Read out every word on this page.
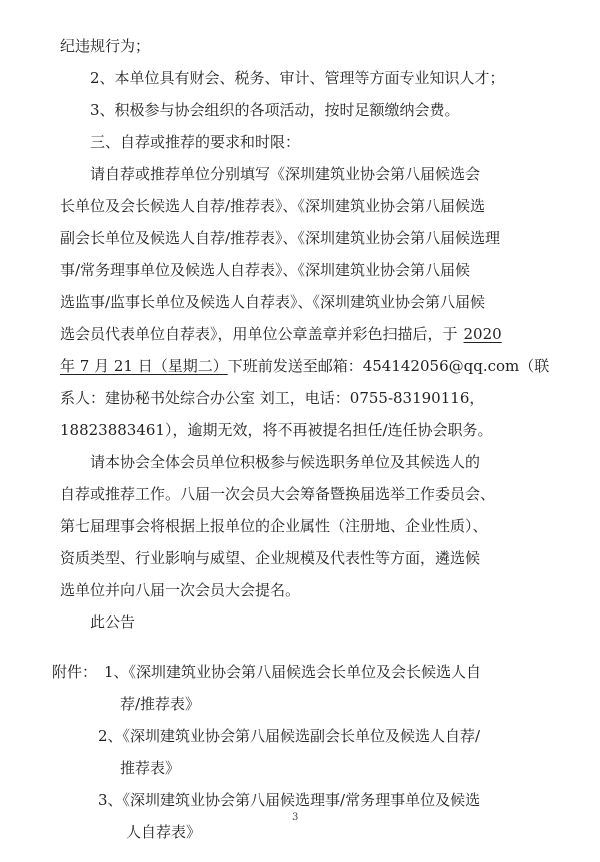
纪违规行为；
2、本单位具有财会、税务、审计、管理等方面专业知识人才；
3、积极参与协会组织的各项活动，按时足额缴纳会费。
三、自荐或推荐的要求和时限：
请自荐或推荐单位分别填写《深圳建筑业协会第八届候选会
长单位及会长候选人自荐/推荐表》、《深圳建筑业协会第八届候选
副会长单位及候选人自荐/推荐表》、《深圳建筑业协会第八届候选理
事/常务理事单位及候选人自荐表》、《深圳建筑业协会第八届候
选监事/监事长单位及候选人自荐表》、《深圳建筑业协会第八届候
选会员代表单位自荐表》，用单位公章盖章并彩色扫描后，于 2020
年 7 月 21 日（星期二）下班前发送至邮箱：454142056@qq.com（联
系人：建协秘书处综合办公室 刘工，电话：0755-83190116，
18823883461），逾期无效，将不再被提名担任/连任协会职务。
请本协会全体会员单位积极参与候选职务单位及其候选人的
自荐或推荐工作。八届一次会员大会筹备暨换届选举工作委员会、
第七届理事会将根据上报单位的企业属性（注册地、企业性质）、
资质类型、行业影响与威望、企业规模及代表性等方面，遴选候
选单位并向八届一次会员大会提名。
此公告
附件： 1、《深圳建筑业协会第八届候选会长单位及会长候选人自
荐/推荐表》
2、《深圳建筑业协会第八届候选副会长单位及候选人自荐/
推荐表》
3、《深圳建筑业协会第八届候选理事/常务理事单位及候选
人自荐表》
3
